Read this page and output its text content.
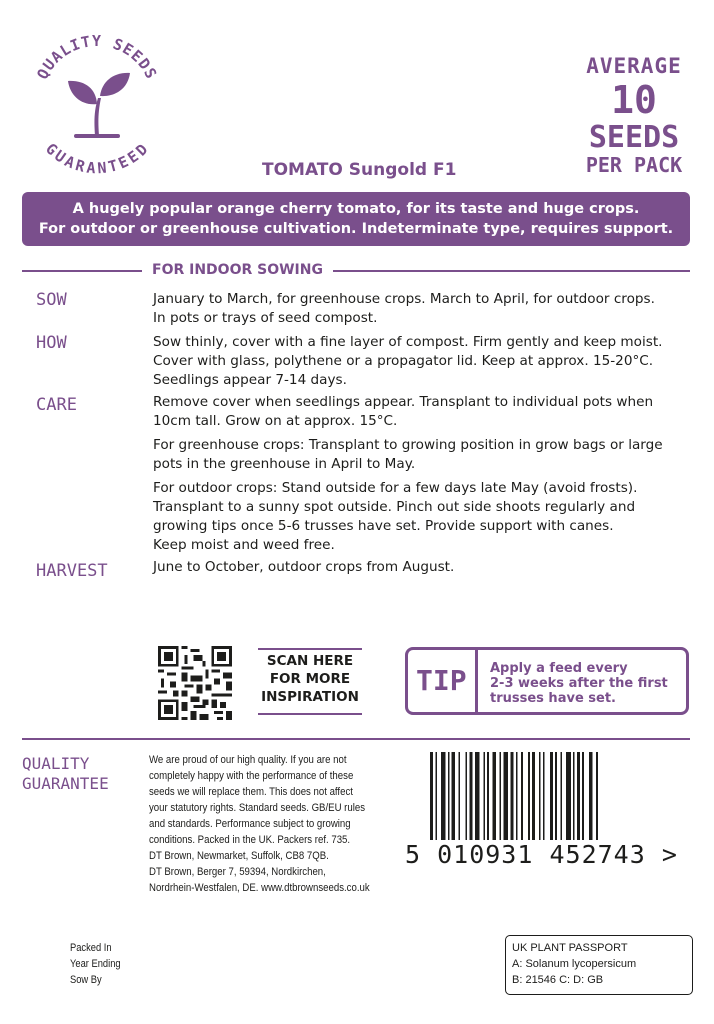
QUALITY SEEDS
GUARANTEED
AVERAGE
10
SEEDS
PER PACK
TOMATO Sungold F1
A hugely popular orange cherry tomato, for its taste and huge crops.
For outdoor or greenhouse cultivation. Indeterminate type, requires support.
FOR INDOOR SOWING
SOW	January to March, for greenhouse crops. March to April, for outdoor crops.
In pots or trays of seed compost.
HOW	Sow thinly, cover with a fine layer of compost. Firm gently and keep moist.
Cover with glass, polythene or a propagator lid. Keep at approx. 15-20°C.
Seedlings appear 7-14 days.
CARE	Remove cover when seedlings appear. Transplant to individual pots when
10cm tall. Grow on at approx. 15°C.
For greenhouse crops: Transplant to growing position in grow bags or large
pots in the greenhouse in April to May.
For outdoor crops: Stand outside for a few days late May (avoid frosts).
Transplant to a sunny spot outside. Pinch out side shoots regularly and
growing tips once 5-6 trusses have set. Provide support with canes.
Keep moist and weed free.
HARVEST	June to October, outdoor crops from August.
SCAN HERE
FOR MORE
INSPIRATION TIP Apply a feed every
2-3 weeks after the first
trusses have set.
QUALITY
GUARANTEE
We are proud of our high quality. If you are not
completely happy with the performance of these
seeds we will replace them. This does not affect
your statutory rights. Standard seeds. GB/EU rules
and standards. Performance subject to growing
conditions. Packed in the UK. Packers ref. 735.
DT Brown, Newmarket, Suffolk, CB8 7QB.
DT Brown, Berger 7, 59394, Nordkirchen,
Nordrhein-Westfalen, DE. www.dtbrownseeds.co.uk
5 010931 452743 >
Packed In
Year Ending
Sow By
UK PLANT PASSPORT
A: Solanum lycopersicum
B: 21546 C: D: GB
